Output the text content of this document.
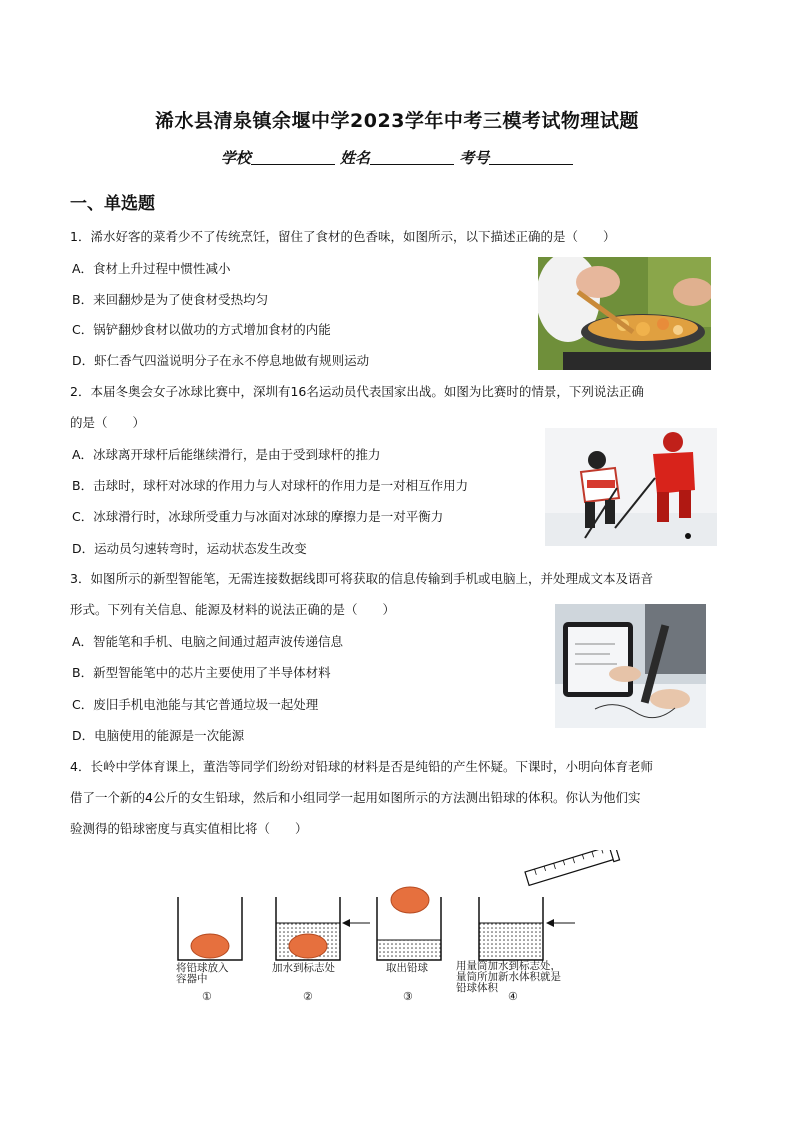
浠水县清泉镇余堰中学2023学年中考三模考试物理试题
学校	姓名	考号
一、单选题
1．浠水好客的菜肴少不了传统烹饪，留住了食材的色香味，如图所示，以下描述正确的是（　　）
A．食材上升过程中惯性减小
B．来回翻炒是为了使食材受热均匀
C．锅铲翻炒食材以做功的方式增加食材的内能
D．虾仁香气四溢说明分子在永不停息地做有规则运动
2．本届冬奥会女子冰球比赛中，深圳有16名运动员代表国家出战。如图为比赛时的情景，下列说法正确
的是（　　）
A．冰球离开球杆后能继续滑行，是由于受到球杆的推力
B．击球时，球杆对冰球的作用力与人对球杆的作用力是一对相互作用力
C．冰球滑行时，冰球所受重力与冰面对冰球的摩擦力是一对平衡力
D．运动员匀速转弯时，运动状态发生改变
3．如图所示的新型智能笔，无需连接数据线即可将获取的信息传输到手机或电脑上，并处理成文本及语音
形式。下列有关信息、能源及材料的说法正确的是（　　）
A．智能笔和手机、电脑之间通过超声波传递信息
B．新型智能笔中的芯片主要使用了半导体材料
C．废旧手机电池能与其它普通垃圾一起处理
D．电脑使用的能源是一次能源
4．长岭中学体育课上，董浩等同学们纷纷对铅球的材料是否是纯铅的产生怀疑。下课时，小明向体育老师
借了一个新的4公斤的女生铅球，然后和小组同学一起用如图所示的方法测出铅球的体积。你认为他们实
验测得的铅球密度与真实值相比将（　　）
将铅球放入
容器中
加水到标志处	取出铅球	用量筒加水到标志处，
量筒所加新水体积就是
铅球体积
①	②	③	④
